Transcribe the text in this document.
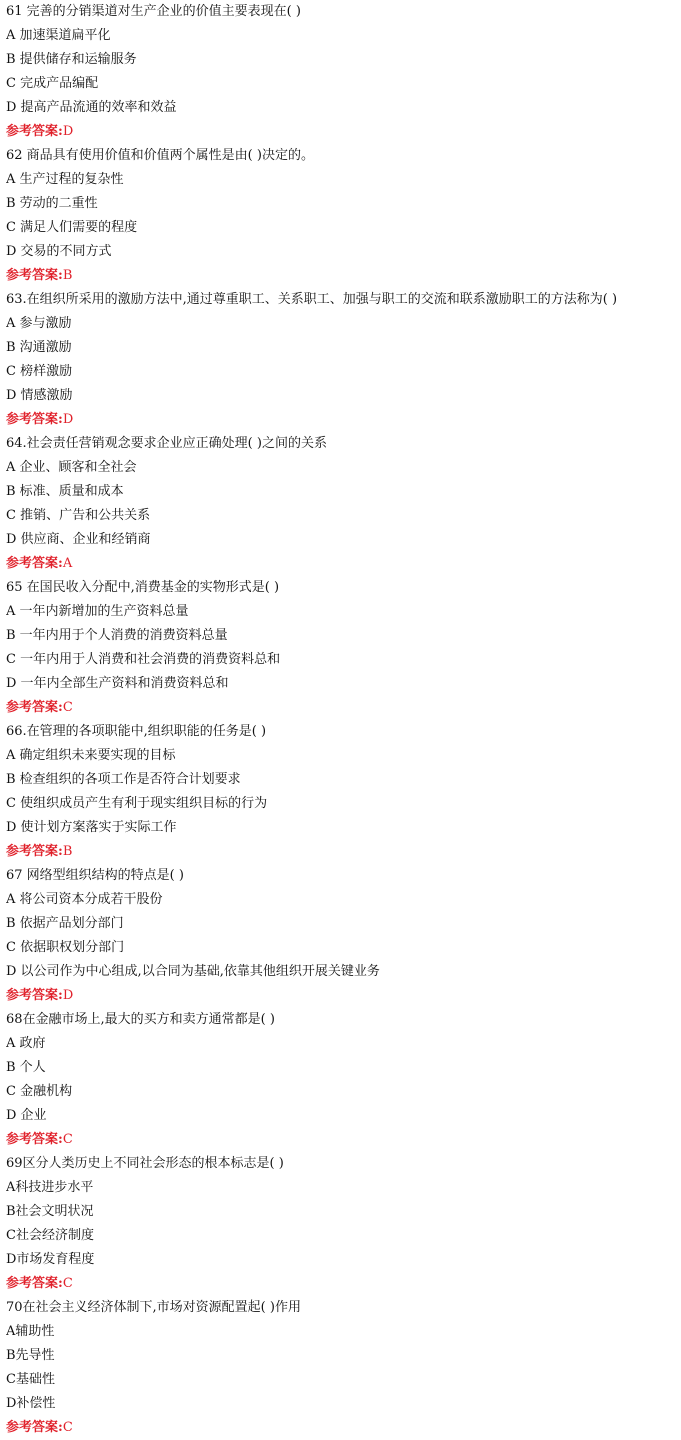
61 完善的分销渠道对生产企业的价值主要表现在( )
A 加速渠道扁平化
B 提供储存和运输服务
C 完成产品编配
D 提高产品流通的效率和效益
参考答案:D
62 商品具有使用价值和价值两个属性是由( )决定的。
A 生产过程的复杂性
B 劳动的二重性
C 满足人们需要的程度
D 交易的不同方式
参考答案:B
63.在组织所采用的激励方法中,通过尊重职工、关系职工、加强与职工的交流和联系激励职工的方法称为( )
A 参与激励
B 沟通激励
C 榜样激励
D 情感激励
参考答案:D
64.社会责任营销观念要求企业应正确处理( )之间的关系
A 企业、顾客和全社会
B 标准、质量和成本
C 推销、广告和公共关系
D 供应商、企业和经销商
参考答案:A
65 在国民收入分配中,消费基金的实物形式是( )
A 一年内新增加的生产资料总量
B 一年内用于个人消费的消费资料总量
C 一年内用于人消费和社会消费的消费资料总和
D 一年内全部生产资料和消费资料总和
参考答案:C
66.在管理的各项职能中,组织职能的任务是( )
A 确定组织未来要实现的目标
B 检查组织的各项工作是否符合计划要求
C 使组织成员产生有利于现实组织目标的行为
D 使计划方案落实于实际工作
参考答案:B
67 网络型组织结构的特点是( )
A 将公司资本分成若干股份
B 依据产品划分部门
C 依据职权划分部门
D 以公司作为中心组成,以合同为基础,依靠其他组织开展关键业务
参考答案:D
68在金融市场上,最大的买方和卖方通常都是( )
A 政府
B 个人
C 金融机构
D 企业
参考答案:C
69区分人类历史上不同社会形态的根本标志是( )
A科技进步水平
B社会文明状况
C社会经济制度
D市场发育程度
参考答案:C
70在社会主义经济体制下,市场对资源配置起( )作用
A辅助性
B先导性
C基础性
D补偿性
参考答案:C
